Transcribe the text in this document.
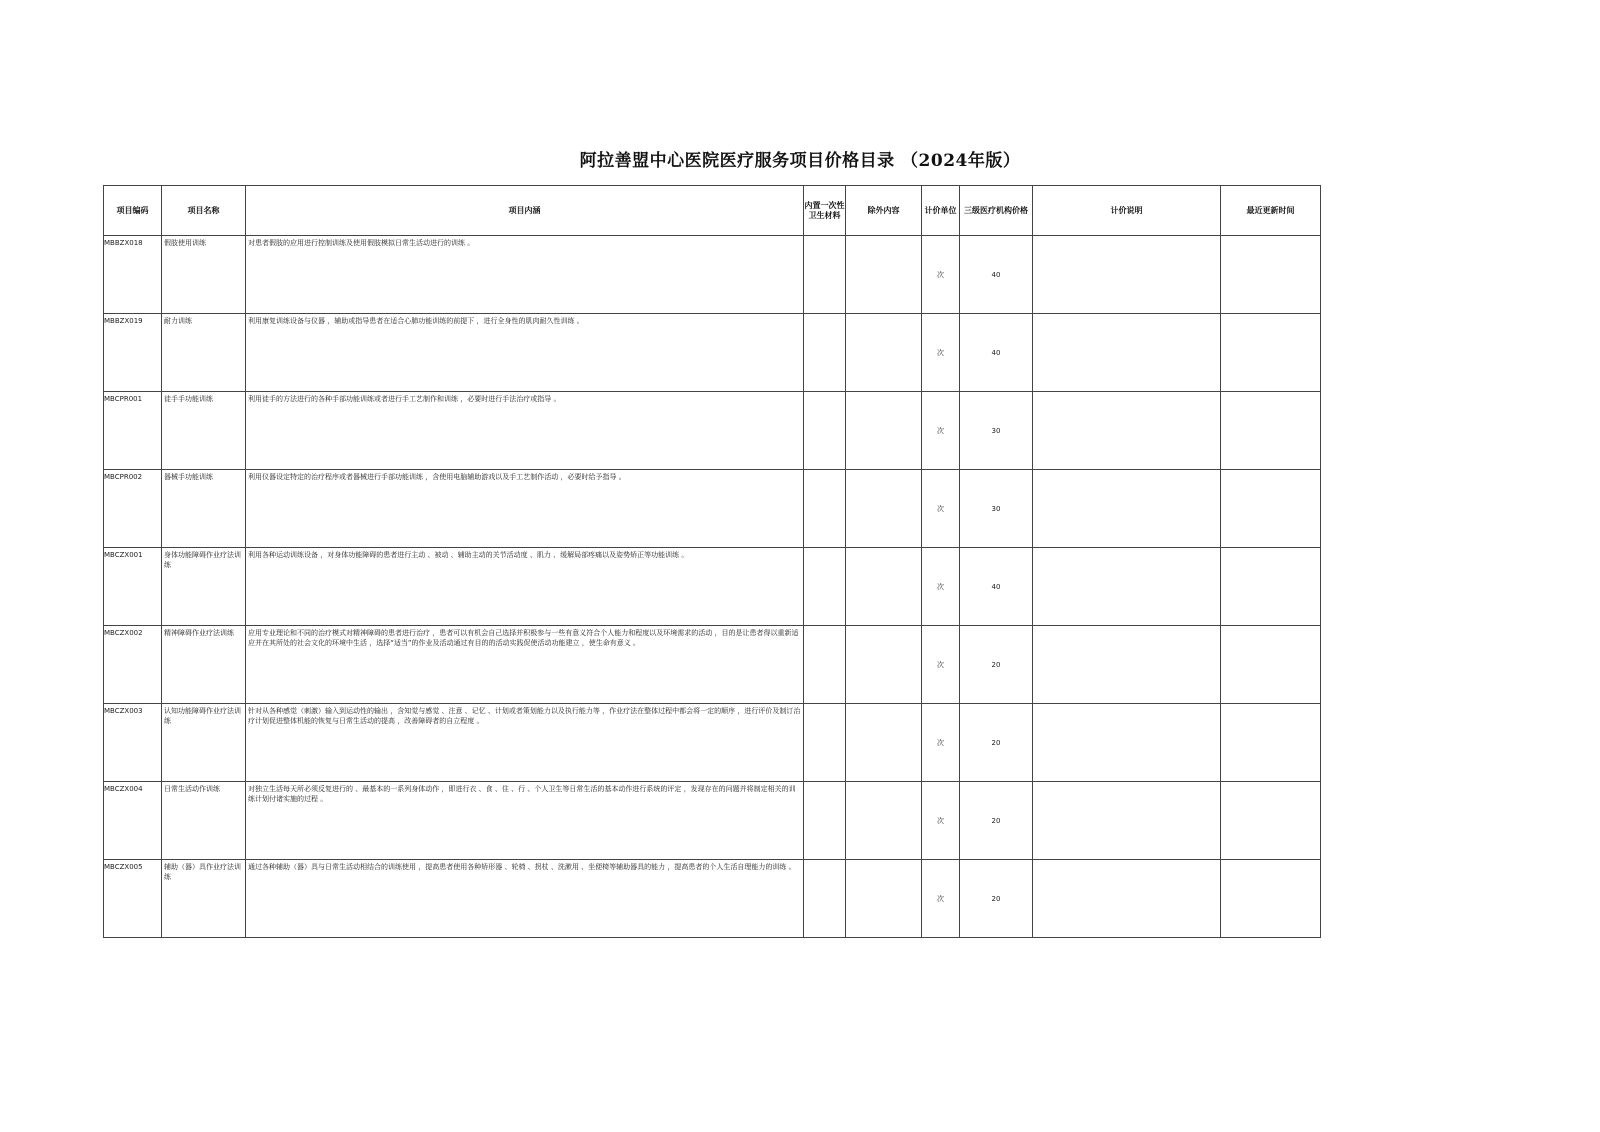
阿拉善盟中心医院医疗服务项目价格目录 （2024年版）
项目编码	项目名称	项目内涵	内置一次性卫生材料	除外内容	计价单位	三级医疗机构价格	计价说明	最近更新时间
MBBZX018	假肢使用训练	对患者假肢的应用进行控制训练及使用假肢模拟日常生活动进行的训练 。			次	40		
MBBZX019	耐力训练	利用康复训练设备与仪器 ，辅助或指导患者在适合心肺功能训练的前提下 ，进行全身性的肌肉耐久性训练 。			次	40		
MBCPR001	徒手手功能训练	利用徒手的方法进行的各种手部功能训练或者进行手工艺制作和训练 ，必要时进行手法治疗或指导 。			次	30		
MBCPR002	器械手功能训练	利用仪器设定特定的治疗程序或者器械进行手部功能训练 ，含使用电脑辅助游戏以及手工艺制作活动 ，必要时给予指导 。			次	30		
MBCZX001	身体功能障碍作业疗法训练	利用各种运动训练设备 ，对身体功能障碍的患者进行主动 、被动 、辅助主动的关节活动度 、肌力 、缓解局部疼痛以及姿势矫正等功能训练 。			次	40		
MBCZX002	精神障碍作业疗法训练	应用专业理论和不同的治疗模式对精神障碍的患者进行治疗 ，患者可以有机会自己选择并积极参与一些有意义符合个人能力和程度以及环境需求的活动 ，目的是让患者得以重新适应并在其所处的社会文化的环境中生活 ，选择“适当”的作业及活动通过有目的的活动实践促使活动功能建立 ，使生命有意义 。			次	20		
MBCZX003	认知功能障碍作业疗法训练	针对从各种感觉（刺激）输入到运动性的输出 ，含知觉与感觉 、注意 、记忆 、计划或者策划能力以及执行能力等 ，作业疗法在整体过程中都会将一定的顺序 ，进行评价及制订治疗计划促进整体机能的恢复与日常生活动的提高 ，改善障碍者的自立程度 。			次	20		
MBCZX004	日常生活动作训练	对独立生活每天所必须反复进行的 、最基本的一系列身体动作 ，即进行衣 、食 、住 、行 、个人卫生等日常生活的基本动作进行系统的评定 ，发现存在的问题并将制定相关的训练计划付诸实施的过程 。			次	20		
MBCZX005	辅助（器）具作业疗法训练	通过各种辅助（器）具与日常生活动相结合的训练使用 ，提高患者使用各种矫形器 、轮椅 、拐杖 、洗漱用 、坐便椅等辅助器具的能力 ，提高患者的个人生活自理能力的训练 。			次	20		
